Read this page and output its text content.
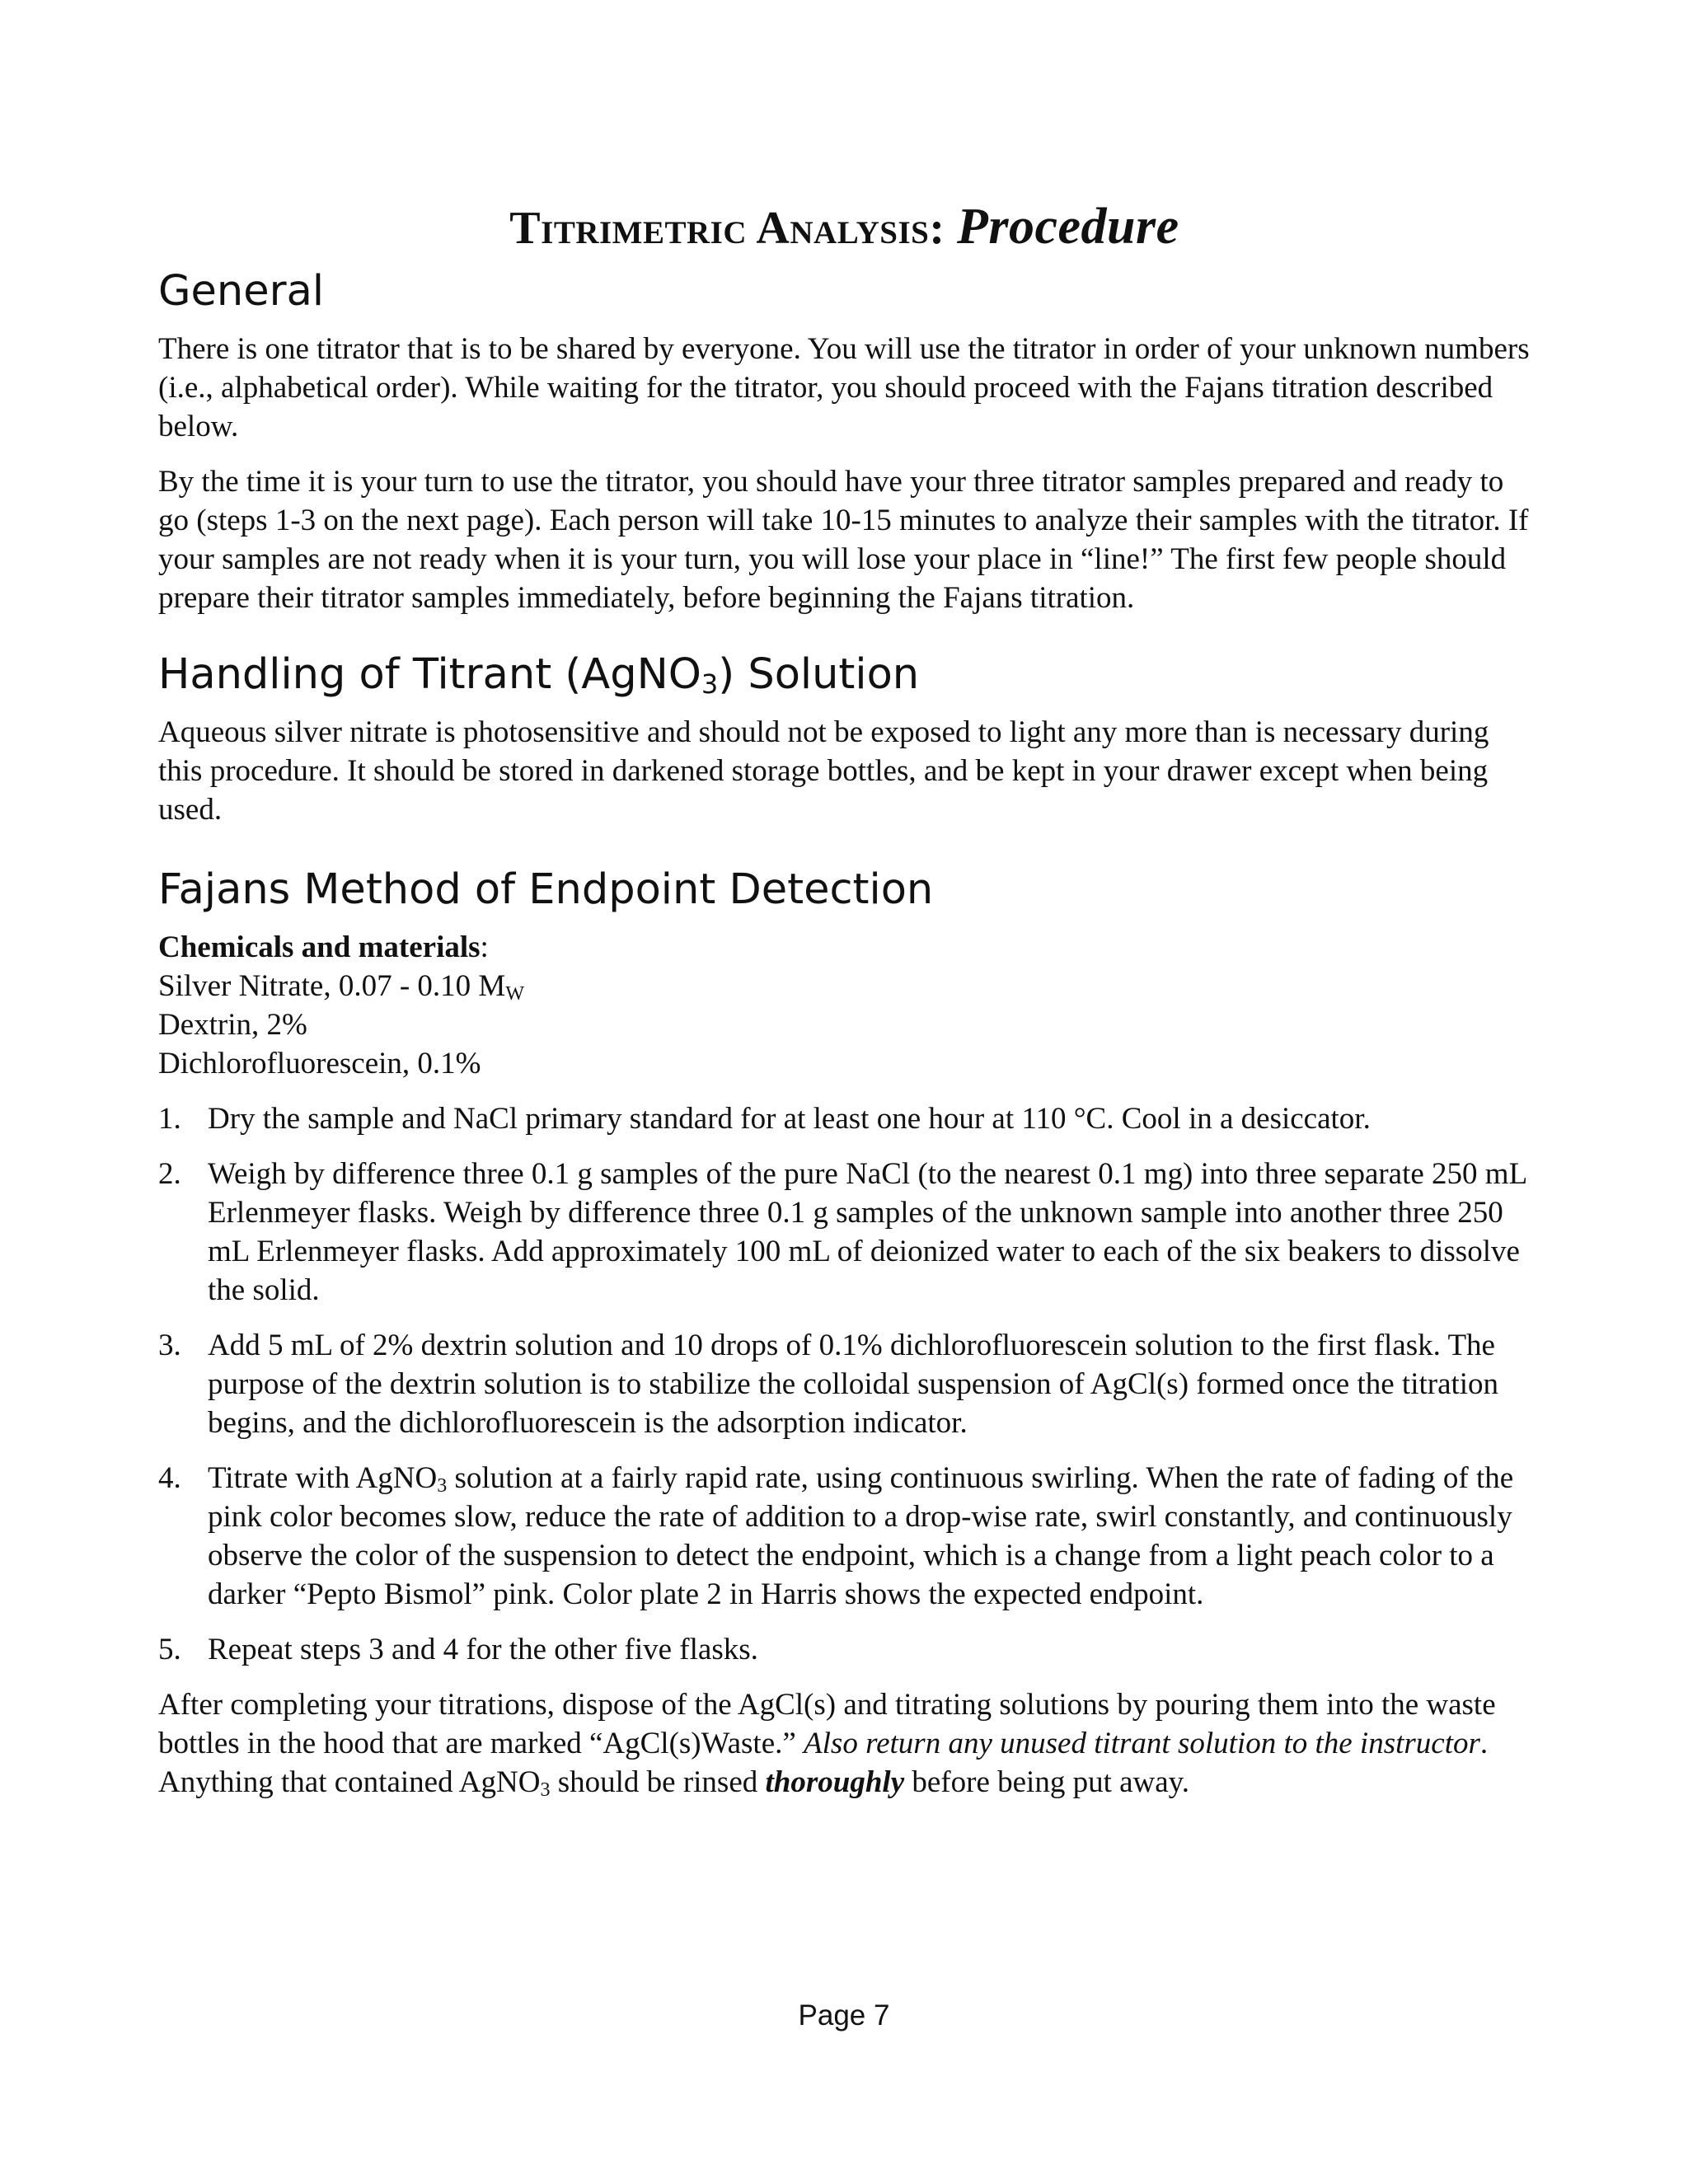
Titrimetric Analysis: Procedure
General

There is one titrator that is to be shared by everyone. You will use the titrator in order of your unknown numbers (i.e., alphabetical order). While waiting for the titrator, you should proceed with the Fajans titration described below.

By the time it is your turn to use the titrator, you should have your three titrator samples prepared and ready to go (steps 1-3 on the next page). Each person will take 10-15 minutes to analyze their samples with the titrator. If your samples are not ready when it is your turn, you will lose your place in “line!” The first few people should prepare their titrator samples immediately, before beginning the Fajans titration.

Handling of Titrant (AgNO$_3$) Solution

Aqueous silver nitrate is photosensitive and should not be exposed to light any more than is necessary during this procedure. It should be stored in darkened storage bottles, and be kept in your drawer except when being used.

Fajans Method of Endpoint Detection

Chemicals and materials:

Silver Nitrate, 0.07 - 0.10 $M_W$

Dextrin, 2%

Dichlorofluorescein, 0.1%

1. Dry the sample and NaCl primary standard for at least one hour at 110 °C. Cool in a desiccator.
2. Weigh by difference three 0.1 g samples of the pure NaCl (to the nearest 0.1 mg) into three separate 250 mL Erlenmeyer flasks. Weigh by difference three 0.1 g samples of the unknown sample into another three 250 mL Erlenmeyer flasks. Add approximately 100 mL of deionized water to each of the six beakers to dissolve the solid.
3. Add 5 mL of 2% dextrin solution and 10 drops of 0.1% dichlorofluorescein solution to the first flask. The purpose of the dextrin solution is to stabilize the colloidal suspension of AgCl(s) formed once the titration begins, and the dichlorofluorescein is the adsorption indicator.
4. Titrate with AgNO$_3$ solution at a fairly rapid rate, using continuous swirling. When the rate of fading of the pink color becomes slow, reduce the rate of addition to a drop-wise rate, swirl constantly, and continuously observe the color of the suspension to detect the endpoint, which is a change from a light peach color to a darker “Pepto Bismol” pink. Color plate 2 in Harris shows the expected endpoint.
5. Repeat steps 3 and 4 for the other five flasks.

After completing your titrations, dispose of the AgCl(s) and titrating solutions by pouring them into the waste bottles in the hood that are marked “AgCl(s)Waste.” Also return any unused titrant solution to the instructor. Anything that contained AgNO$_3$ should be rinsed thoroughly before being put away.

Page 7
